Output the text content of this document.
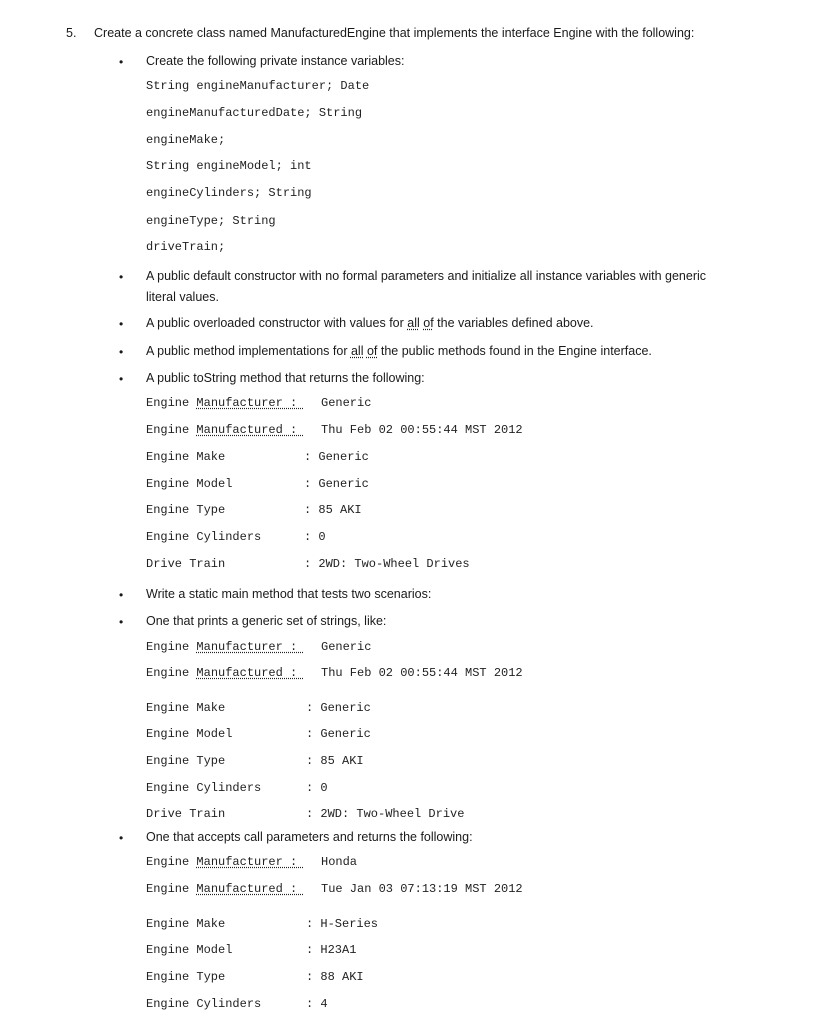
5. Create a concrete class named ManufacturedEngine that implements the interface Engine with the following:
• Create the following private instance variables:
String engineManufacturer; Date
engineManufacturedDate; String
engineMake;
String engineModel; int
engineCylinders; String
engineType; String
driveTrain;
• A public default constructor with no formal parameters and initialize all instance variables with generic
literal values.
• A public overloaded constructor with values for all of the variables defined above.
• A public method implementations for all of the public methods found in the Engine interface.
• A public toString method that returns the following:
Engine Manufacturer : Generic
Engine Manufactured : Thu Feb 02 00:55:44 MST 2012
Engine Make	: Generic
Engine Model	: Generic
Engine Type	: 85 AKI
Engine Cylinders	: 0
Drive Train	: 2WD: Two-Wheel Drives
• Write a static main method that tests two scenarios:
• One that prints a generic set of strings, like:
Engine Manufacturer : Generic
Engine Manufactured : Thu Feb 02 00:55:44 MST 2012
Engine Make	: Generic
Engine Model	: Generic
Engine Type	: 85 AKI
Engine Cylinders	: 0
Drive Train	: 2WD: Two-Wheel Drive
• One that accepts call parameters and returns the following:
Engine Manufacturer : Honda
Engine Manufactured : Tue Jan 03 07:13:19 MST 2012
Engine Make	: H-Series
Engine Model	: H23A1
Engine Type	: 88 AKI
Engine Cylinders	: 4
